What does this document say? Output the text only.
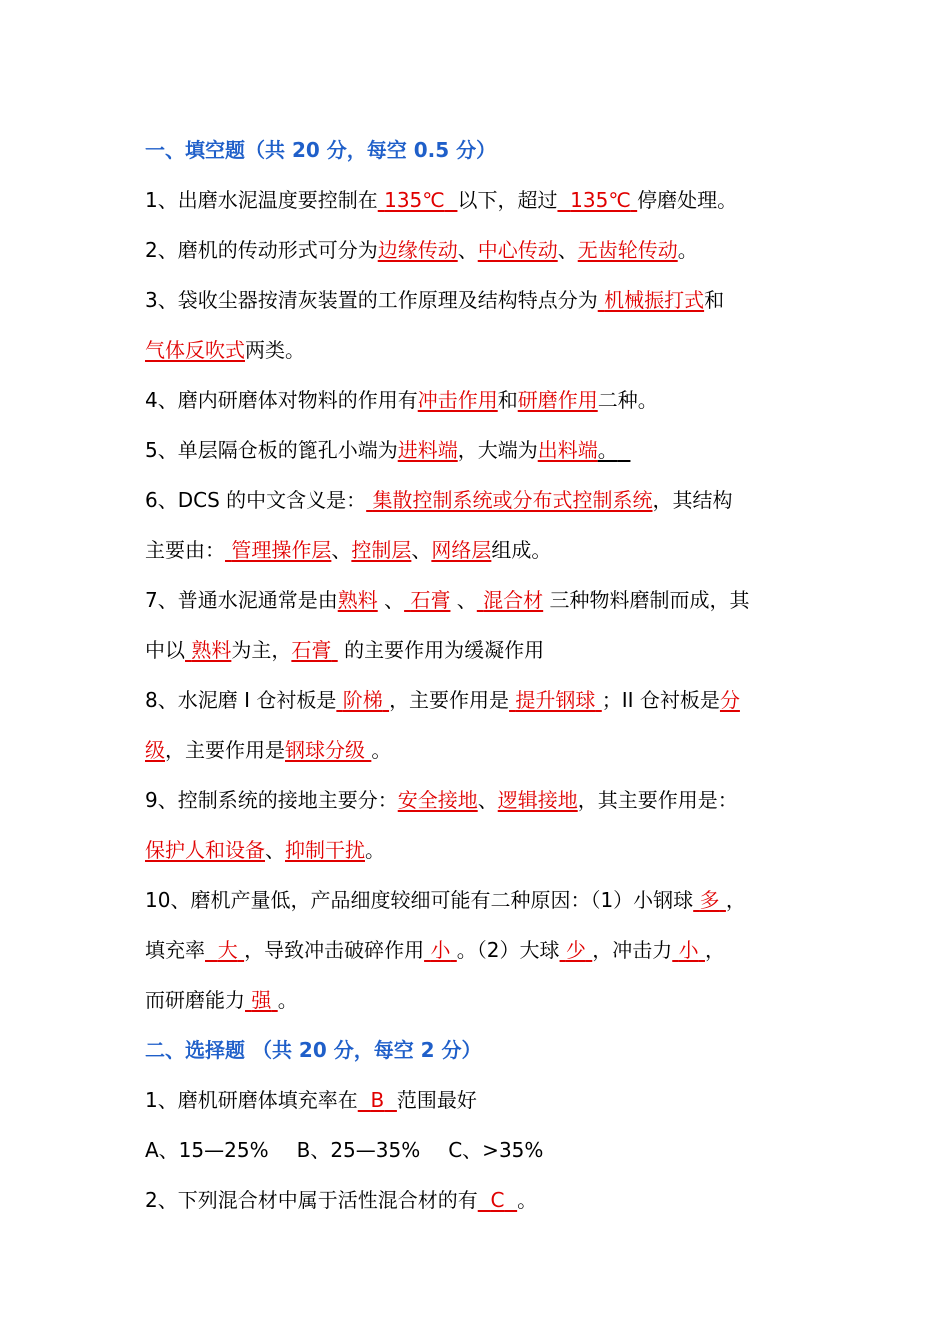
一、填空题（共 20 分，每空 0.5 分）
1、出磨水泥温度要控制在 135℃ 以下，超过 135℃ 停磨处理。
2、磨机的传动形式可分为边缘传动、中心传动、无齿轮传动。
3、袋收尘器按清灰装置的工作原理及结构特点分为 机械振打式和
气体反吹式两类。
4、磨内研磨体对物料的作用有冲击作用和研磨作用二种。
5、单层隔仓板的篦孔小端为进料端，大端为出料端。
6、DCS 的中文含义是： 集散控制系统或分布式控制系统，其结构
主要由： 管理操作层、控制层、网络层组成。
7、普通水泥通常是由熟料 、 石膏 、 混合材 三种物料磨制而成，其
中以 熟料为主，石膏  的主要作用为缓凝作用
8、水泥磨 I 仓衬板是 阶梯 ，主要作用是 提升钢球 ；II 仓衬板是分
级，主要作用是钢球分级 。
9、控制系统的接地主要分：安全接地、逻辑接地，其主要作用是：
保护人和设备、抑制干扰。
10、磨机产量低，产品细度较细可能有二种原因：（1）小钢球 多 ，
填充率 大 ，导致冲击破碎作用 小 。（2）大球 少 ，冲击力 小 ，
而研磨能力 强 。
二、选择题 （共 20 分，每空 2 分）
1、磨机研磨体填充率在 B 范围最好
A、15—25% B、25—35% C、>35%
2、下列混合材中属于活性混合材的有 C 。
